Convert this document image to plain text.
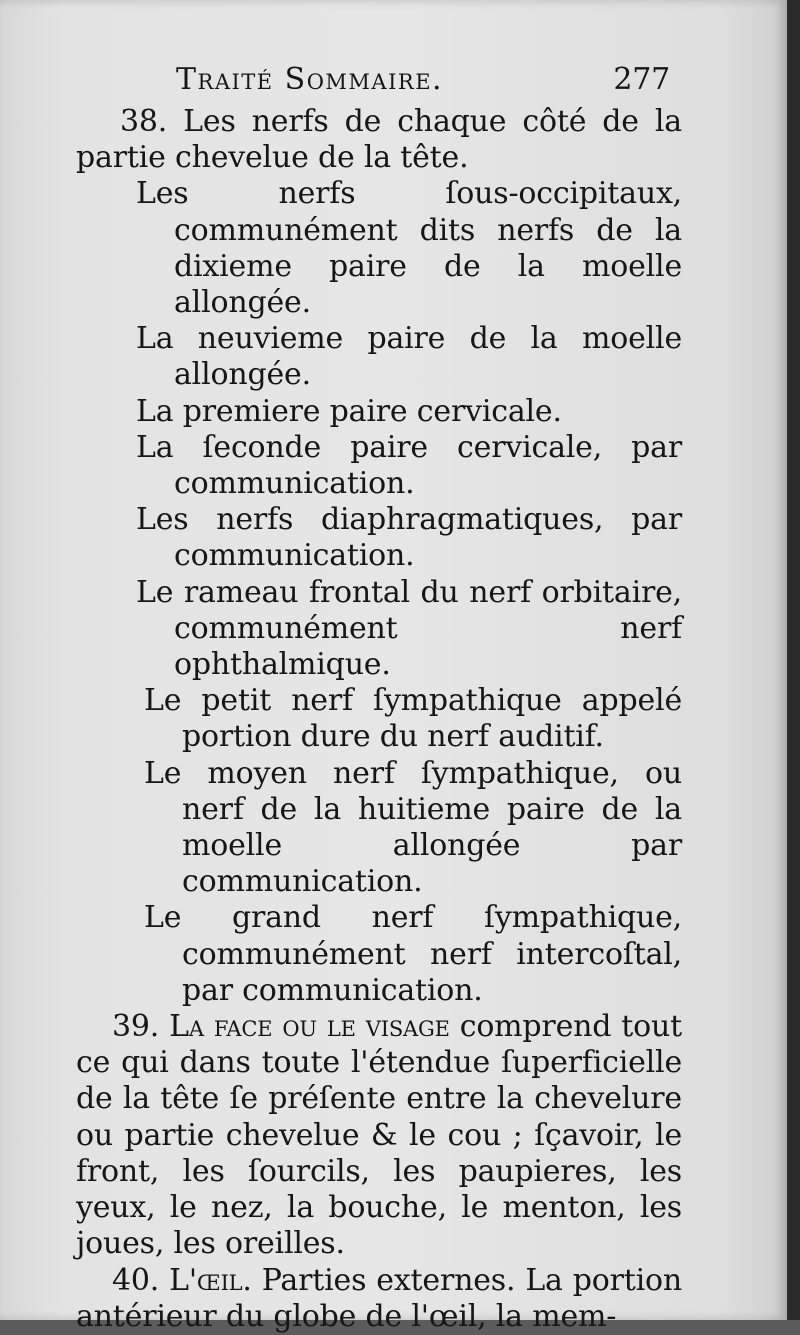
Traité Sommaire.	277

38. Les nerfs de chaque côté de la partie chevelue de la tête.

Les nerfs ſous-occipitaux, communément dits nerfs de la dixieme paire de la moelle allongée.

La neuvieme paire de la moelle allongée.

La premiere paire cervicale.

La ſeconde paire cervicale, par communication.

Les nerfs diaphragmatiques, par communication.

Le rameau frontal du nerf orbitaire, communément nerf ophthalmique.

Le petit nerf ſympathique appelé portion dure du nerf auditif.

Le moyen nerf ſympathique, ou nerf de la huitieme paire de la moelle allongée par communication.

Le grand nerf ſympathique, communément nerf intercoſtal, par communication.

39. La face ou le visage comprend tout ce qui dans toute l'étendue ſuperficielle de la tête ſe préſente entre la chevelure ou partie chevelue & le cou ; ſçavoir, le front, les ſourcils, les paupieres, les yeux, le nez, la bouche, le menton, les joues, les oreilles.

40. L'œil. Parties externes. La portion antérieur du globe de l'œil, la mem-
